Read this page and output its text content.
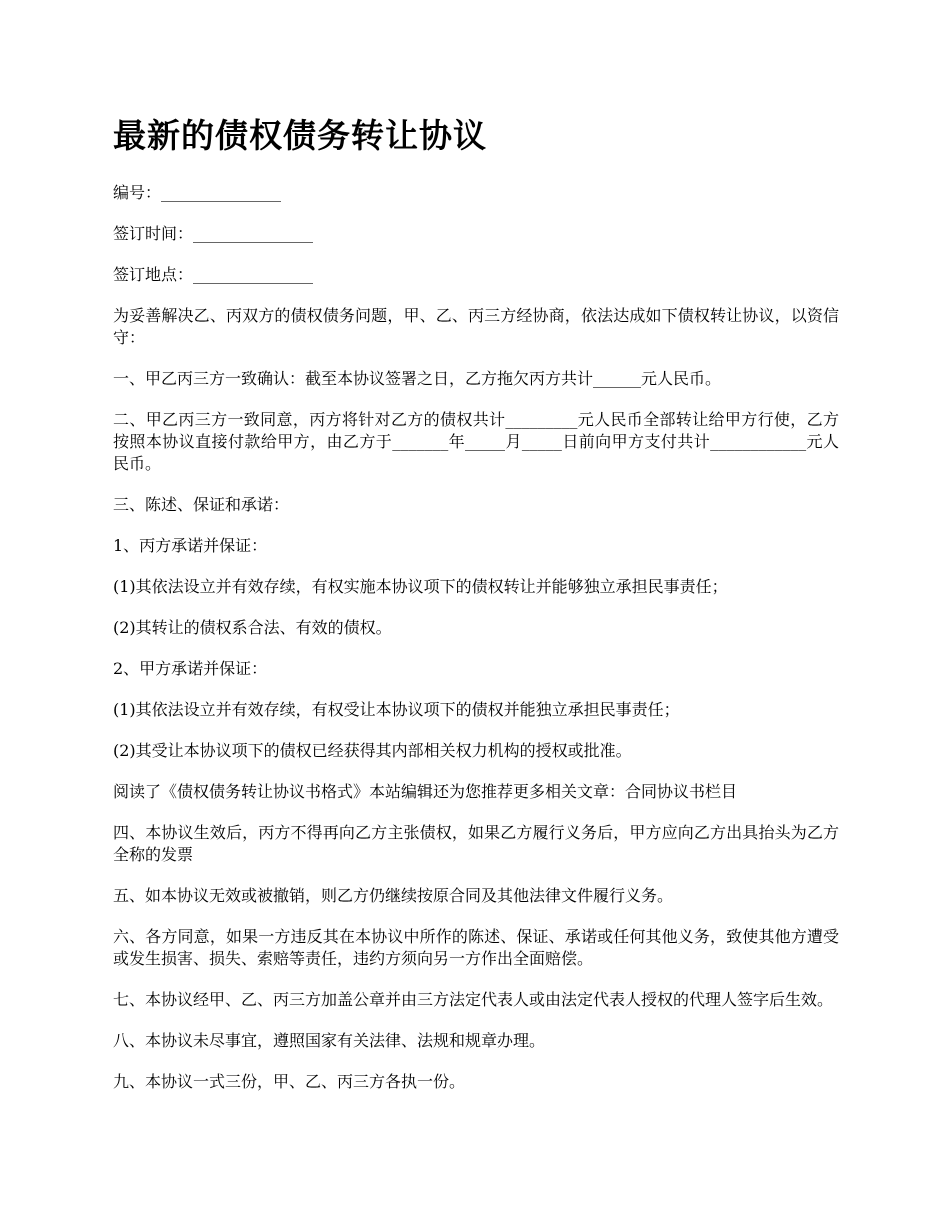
最新的债权债务转让协议

编号：_______________

签订时间：_______________

签订地点：_______________

为妥善解决乙、丙双方的债权债务问题，甲、乙、丙三方经协商，依法达成如下债权转让协议，以资信守：

一、甲乙丙三方一致确认：截至本协议签署之日，乙方拖欠丙方共计______元人民币。

二、甲乙丙三方一致同意，丙方将针对乙方的债权共计_________元人民币全部转让给甲方行使，乙方按照本协议直接付款给甲方，由乙方于_______年_____月_____日前向甲方支付共计____________元人民币。

三、陈述、保证和承诺：

1、丙方承诺并保证：

(1)其依法设立并有效存续，有权实施本协议项下的债权转让并能够独立承担民事责任；

(2)其转让的债权系合法、有效的债权。

2、甲方承诺并保证：

(1)其依法设立并有效存续，有权受让本协议项下的债权并能独立承担民事责任；

(2)其受让本协议项下的债权已经获得其内部相关权力机构的授权或批准。

阅读了《债权债务转让协议书格式》本站编辑还为您推荐更多相关文章：合同协议书栏目

四、本协议生效后，丙方不得再向乙方主张债权，如果乙方履行义务后，甲方应向乙方出具抬头为乙方全称的发票

五、如本协议无效或被撤销，则乙方仍继续按原合同及其他法律文件履行义务。

六、各方同意，如果一方违反其在本协议中所作的陈述、保证、承诺或任何其他义务，致使其他方遭受或发生损害、损失、索赔等责任，违约方须向另一方作出全面赔偿。

七、本协议经甲、乙、丙三方加盖公章并由三方法定代表人或由法定代表人授权的代理人签字后生效。

八、本协议未尽事宜，遵照国家有关法律、法规和规章办理。

九、本协议一式三份，甲、乙、丙三方各执一份。
